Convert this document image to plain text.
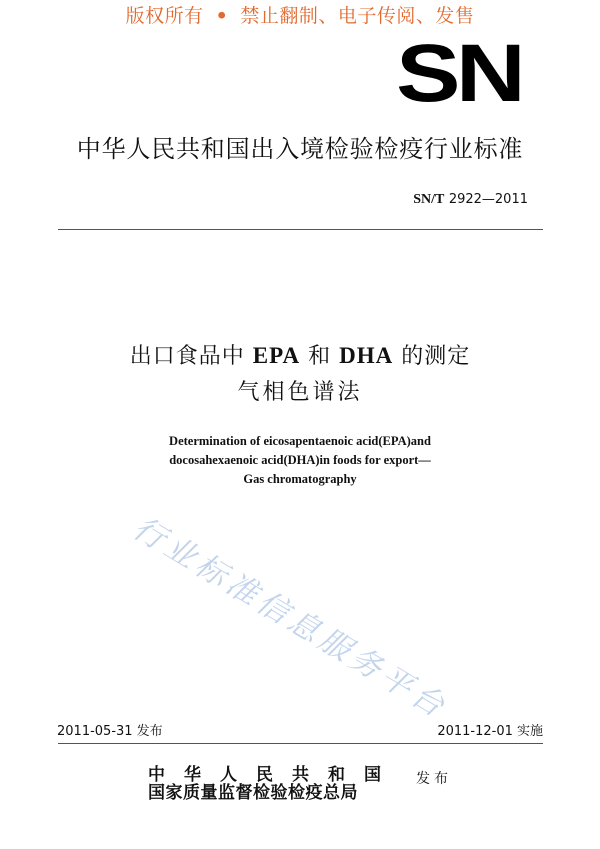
版权所有 • 禁止翻制、电子传阅、发售
SN
中华人民共和国出入境检验检疫行业标准
SN/T 2922—2011
出口食品中 EPA 和 DHA 的测定
气相色谱法
Determination of eicosapentaenoic acid(EPA)and
docosahexaenoic acid(DHA)in foods for export—
Gas chromatography
行业标准信息服务平台
2011-05-31 发布	2011-12-01 实施
中华人民共和国
国家质量监督检验检疫总局
发布
